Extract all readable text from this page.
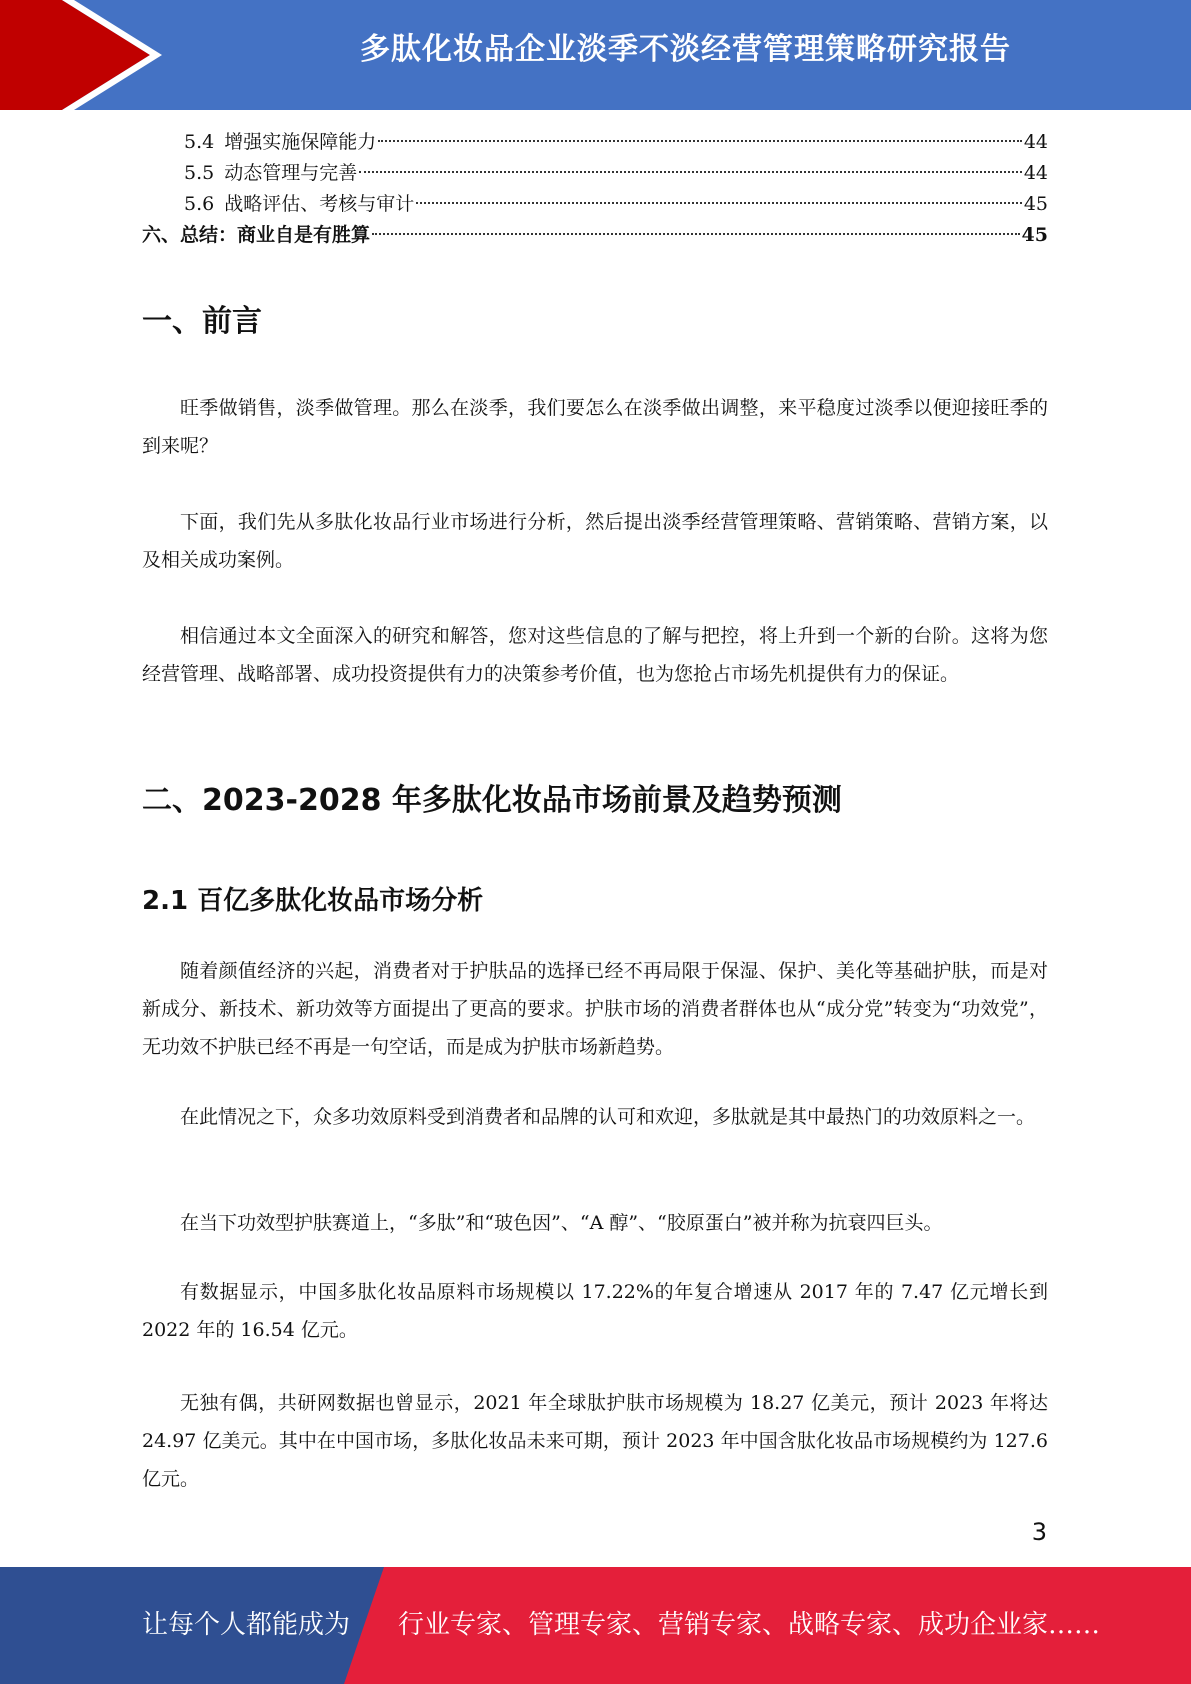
多肽化妆品企业淡季不淡经营管理策略研究报告
5.4 增强实施保障能力	44
5.5 动态管理与完善	44
5.6 战略评估、考核与审计	45
六、总结：商业自是有胜算	45
一、前言

旺季做销售，淡季做管理。那么在淡季，我们要怎么在淡季做出调整，来平稳度过淡季以便迎接旺季的到来呢？

下面，我们先从多肽化妆品行业市场进行分析，然后提出淡季经营管理策略、营销策略、营销方案，以及相关成功案例。

相信通过本文全面深入的研究和解答，您对这些信息的了解与把控，将上升到一个新的台阶。这将为您经营管理、战略部署、成功投资提供有力的决策参考价值，也为您抢占市场先机提供有力的保证。

二、2023-2028 年多肽化妆品市场前景及趋势预测
2.1 百亿多肽化妆品市场分析

随着颜值经济的兴起，消费者对于护肤品的选择已经不再局限于保湿、保护、美化等基础护肤，而是对新成分、新技术、新功效等方面提出了更高的要求。护肤市场的消费者群体也从“成分党”转变为“功效党”，无功效不护肤已经不再是一句空话，而是成为护肤市场新趋势。

在此情况之下，众多功效原料受到消费者和品牌的认可和欢迎，多肽就是其中最热门的功效原料之一。

在当下功效型护肤赛道上，“多肽”和“玻色因”、“A 醇”、“胶原蛋白”被并称为抗衰四巨头。

有数据显示，中国多肽化妆品原料市场规模以 17.22%的年复合增速从 2017 年的 7.47 亿元增长到 2022 年的 16.54 亿元。

无独有偶，共研网数据也曾显示，2021 年全球肽护肤市场规模为 18.27 亿美元，预计 2023 年将达 24.97 亿美元。其中在中国市场，多肽化妆品未来可期，预计 2023 年中国含肽化妆品市场规模约为 127.6 亿元。

3
让每个人都能成为 行业专家、管理专家、营销专家、战略专家、成功企业家……
